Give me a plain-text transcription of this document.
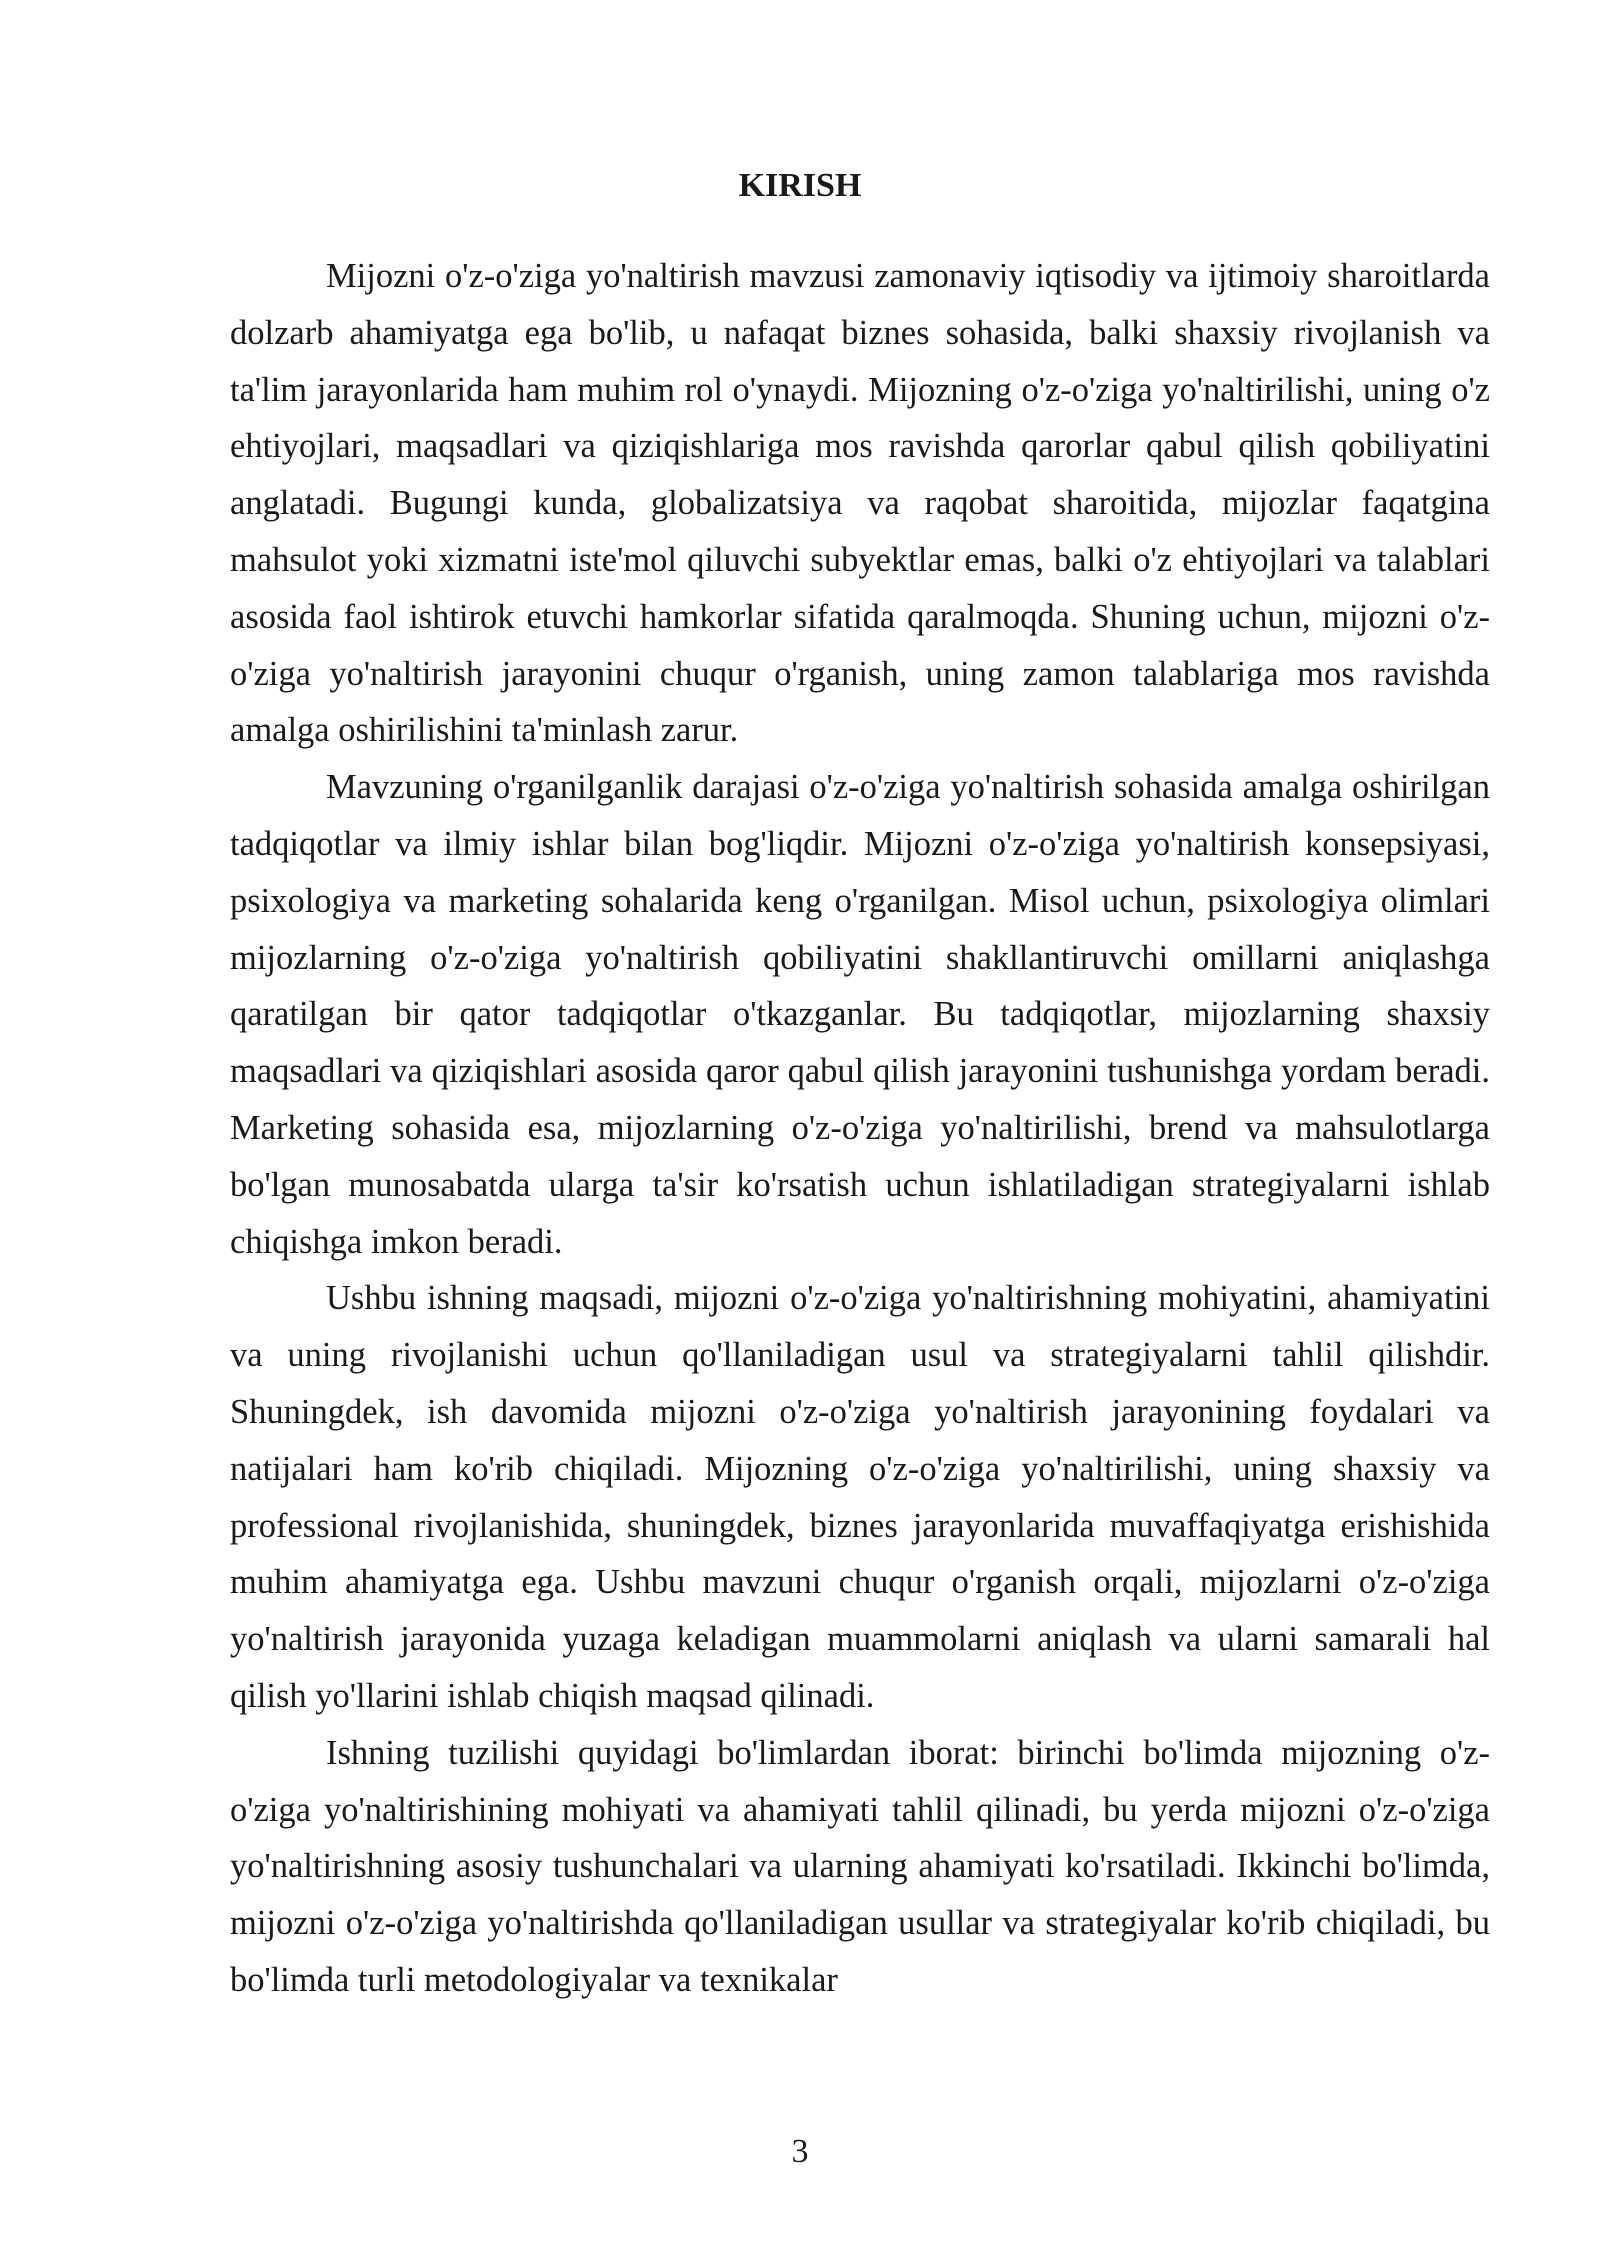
KIRISH

Mijozni o'z-o'ziga yo'naltirish mavzusi zamonaviy iqtisodiy va ijtimoiy sharoitlarda dolzarb ahamiyatga ega bo'lib, u nafaqat biznes sohasida, balki shaxsiy rivojlanish va ta'lim jarayonlarida ham muhim rol o'ynaydi. Mijozning o'z-o'ziga yo'naltirilishi, uning o'z ehtiyojlari, maqsadlari va qiziqishlariga mos ravishda qarorlar qabul qilish qobiliyatini anglatadi. Bugungi kunda, globalizatsiya va raqobat sharoitida, mijozlar faqatgina mahsulot yoki xizmatni iste'mol qiluvchi subyektlar emas, balki o'z ehtiyojlari va talablari asosida faol ishtirok etuvchi hamkorlar sifatida qaralmoqda. Shuning uchun, mijozni o'z-o'ziga yo'naltirish jarayonini chuqur o'rganish, uning zamon talablariga mos ravishda amalga oshirilishini ta'minlash zarur.

Mavzuning o'rganilganlik darajasi o'z-o'ziga yo'naltirish sohasida amalga oshirilgan tadqiqotlar va ilmiy ishlar bilan bog'liqdir. Mijozni o'z-o'ziga yo'naltirish konsepsiyasi, psixologiya va marketing sohalarida keng o'rganilgan. Misol uchun, psixologiya olimlari mijozlarning o'z-o'ziga yo'naltirish qobiliyatini shakllantiruvchi omillarni aniqlashga qaratilgan bir qator tadqiqotlar o'tkazganlar. Bu tadqiqotlar, mijozlarning shaxsiy maqsadlari va qiziqishlari asosida qaror qabul qilish jarayonini tushunishga yordam beradi. Marketing sohasida esa, mijozlarning o'z-o'ziga yo'naltirilishi, brend va mahsulotlarga bo'lgan munosabatda ularga ta'sir ko'rsatish uchun ishlatiladigan strategiyalarni ishlab chiqishga imkon beradi.

Ushbu ishning maqsadi, mijozni o'z-o'ziga yo'naltirishning mohiyatini, ahamiyatini va uning rivojlanishi uchun qo'llaniladigan usul va strategiyalarni tahlil qilishdir. Shuningdek, ish davomida mijozni o'z-o'ziga yo'naltirish jarayonining foydalari va natijalari ham ko'rib chiqiladi. Mijozning o'z-o'ziga yo'naltirilishi, uning shaxsiy va professional rivojlanishida, shuningdek, biznes jarayonlarida muvaffaqiyatga erishishida muhim ahamiyatga ega. Ushbu mavzuni chuqur o'rganish orqali, mijozlarni o'z-o'ziga yo'naltirish jarayonida yuzaga keladigan muammolarni aniqlash va ularni samarali hal qilish yo'llarini ishlab chiqish maqsad qilinadi.

Ishning tuzilishi quyidagi bo'limlardan iborat: birinchi bo'limda mijozning o'z-o'ziga yo'naltirishining mohiyati va ahamiyati tahlil qilinadi, bu yerda mijozni o'z-o'ziga yo'naltirishning asosiy tushunchalari va ularning ahamiyati ko'rsatiladi. Ikkinchi bo'limda, mijozni o'z-o'ziga yo'naltirishda qo'llaniladigan usullar va strategiyalar ko'rib chiqiladi, bu bo'limda turli metodologiyalar va texnikalar

3
